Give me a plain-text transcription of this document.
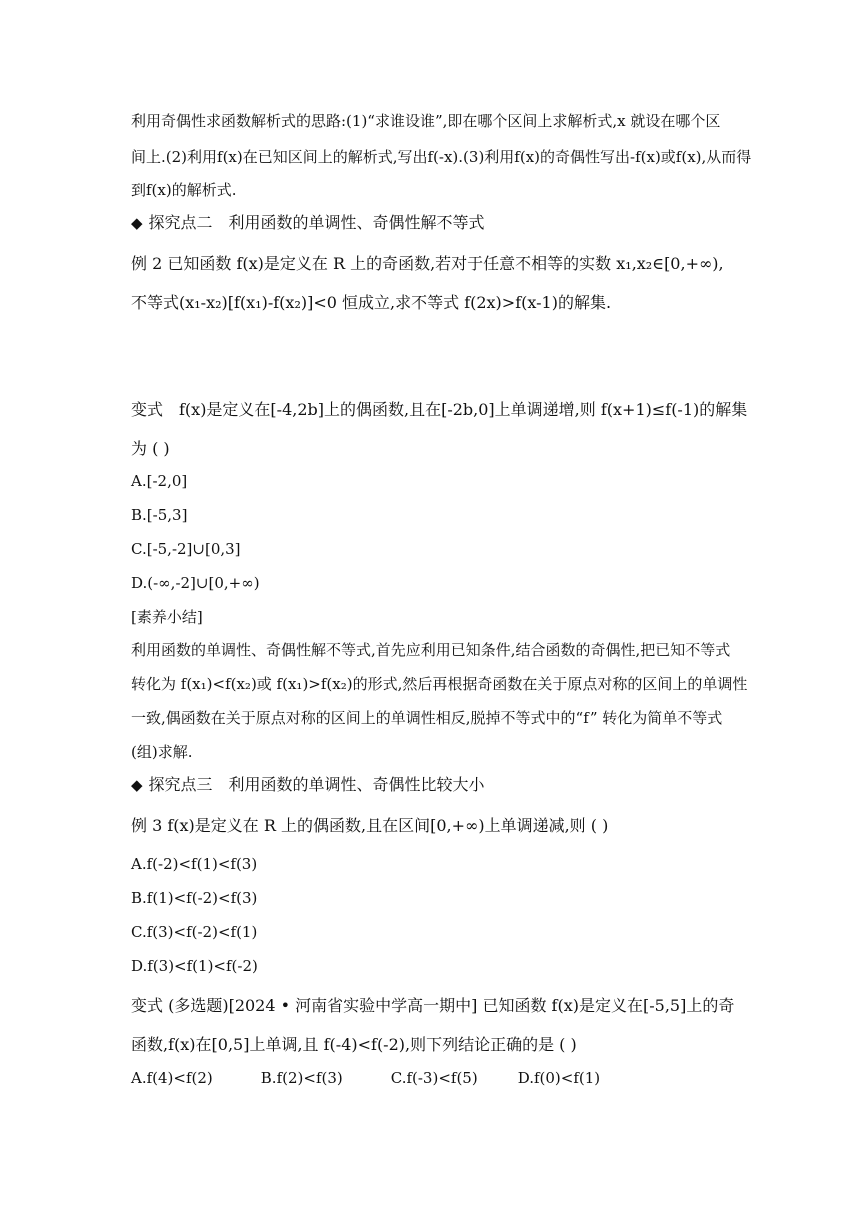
利用奇偶性求函数解析式的思路:(1)“求谁设谁”,即在哪个区间上求解析式,x 就设在哪个区
间上.(2)利用f(x)在已知区间上的解析式,写出f(-x).(3)利用f(x)的奇偶性写出-f(x)或f(x),从而得
到f(x)的解析式.
◆ 探究点二　利用函数的单调性、奇偶性解不等式
例 2 已知函数 f(x)是定义在 R 上的奇函数,若对于任意不相等的实数 x₁,x₂∈[0,+∞),
不等式(x₁-x₂)[f(x₁)-f(x₂)]<0 恒成立,求不等式 f(2x)>f(x-1)的解集.
变式　f(x)是定义在[-4,2b]上的偶函数,且在[-2b,0]上单调递增,则 f(x+1)≤f(-1)的解集
为 ( )
A.[-2,0]
B.[-5,3]
C.[-5,-2]∪[0,3]
D.(-∞,-2]∪[0,+∞)
[素养小结]
利用函数的单调性、奇偶性解不等式,首先应利用已知条件,结合函数的奇偶性,把已知不等式
转化为 f(x₁)<f(x₂)或 f(x₁)>f(x₂)的形式,然后再根据奇函数在关于原点对称的区间上的单调性
一致,偶函数在关于原点对称的区间上的单调性相反,脱掉不等式中的“f” 转化为简单不等式
(组)求解.
◆ 探究点三　利用函数的单调性、奇偶性比较大小
例 3 f(x)是定义在 R 上的偶函数,且在区间[0,+∞)上单调递减,则 ( )
A.f(-2)<f(1)<f(3)
B.f(1)<f(-2)<f(3)
C.f(3)<f(-2)<f(1)
D.f(3)<f(1)<f(-2)
变式 (多选题)[2024 • 河南省实验中学高一期中] 已知函数 f(x)是定义在[-5,5]上的奇
函数,f(x)在[0,5]上单调,且 f(-4)<f(-2),则下列结论正确的是 ( )
A.f(4)<f(2)	B.f(2)<f(3)	C.f(-3)<f(5)	D.f(0)<f(1)
